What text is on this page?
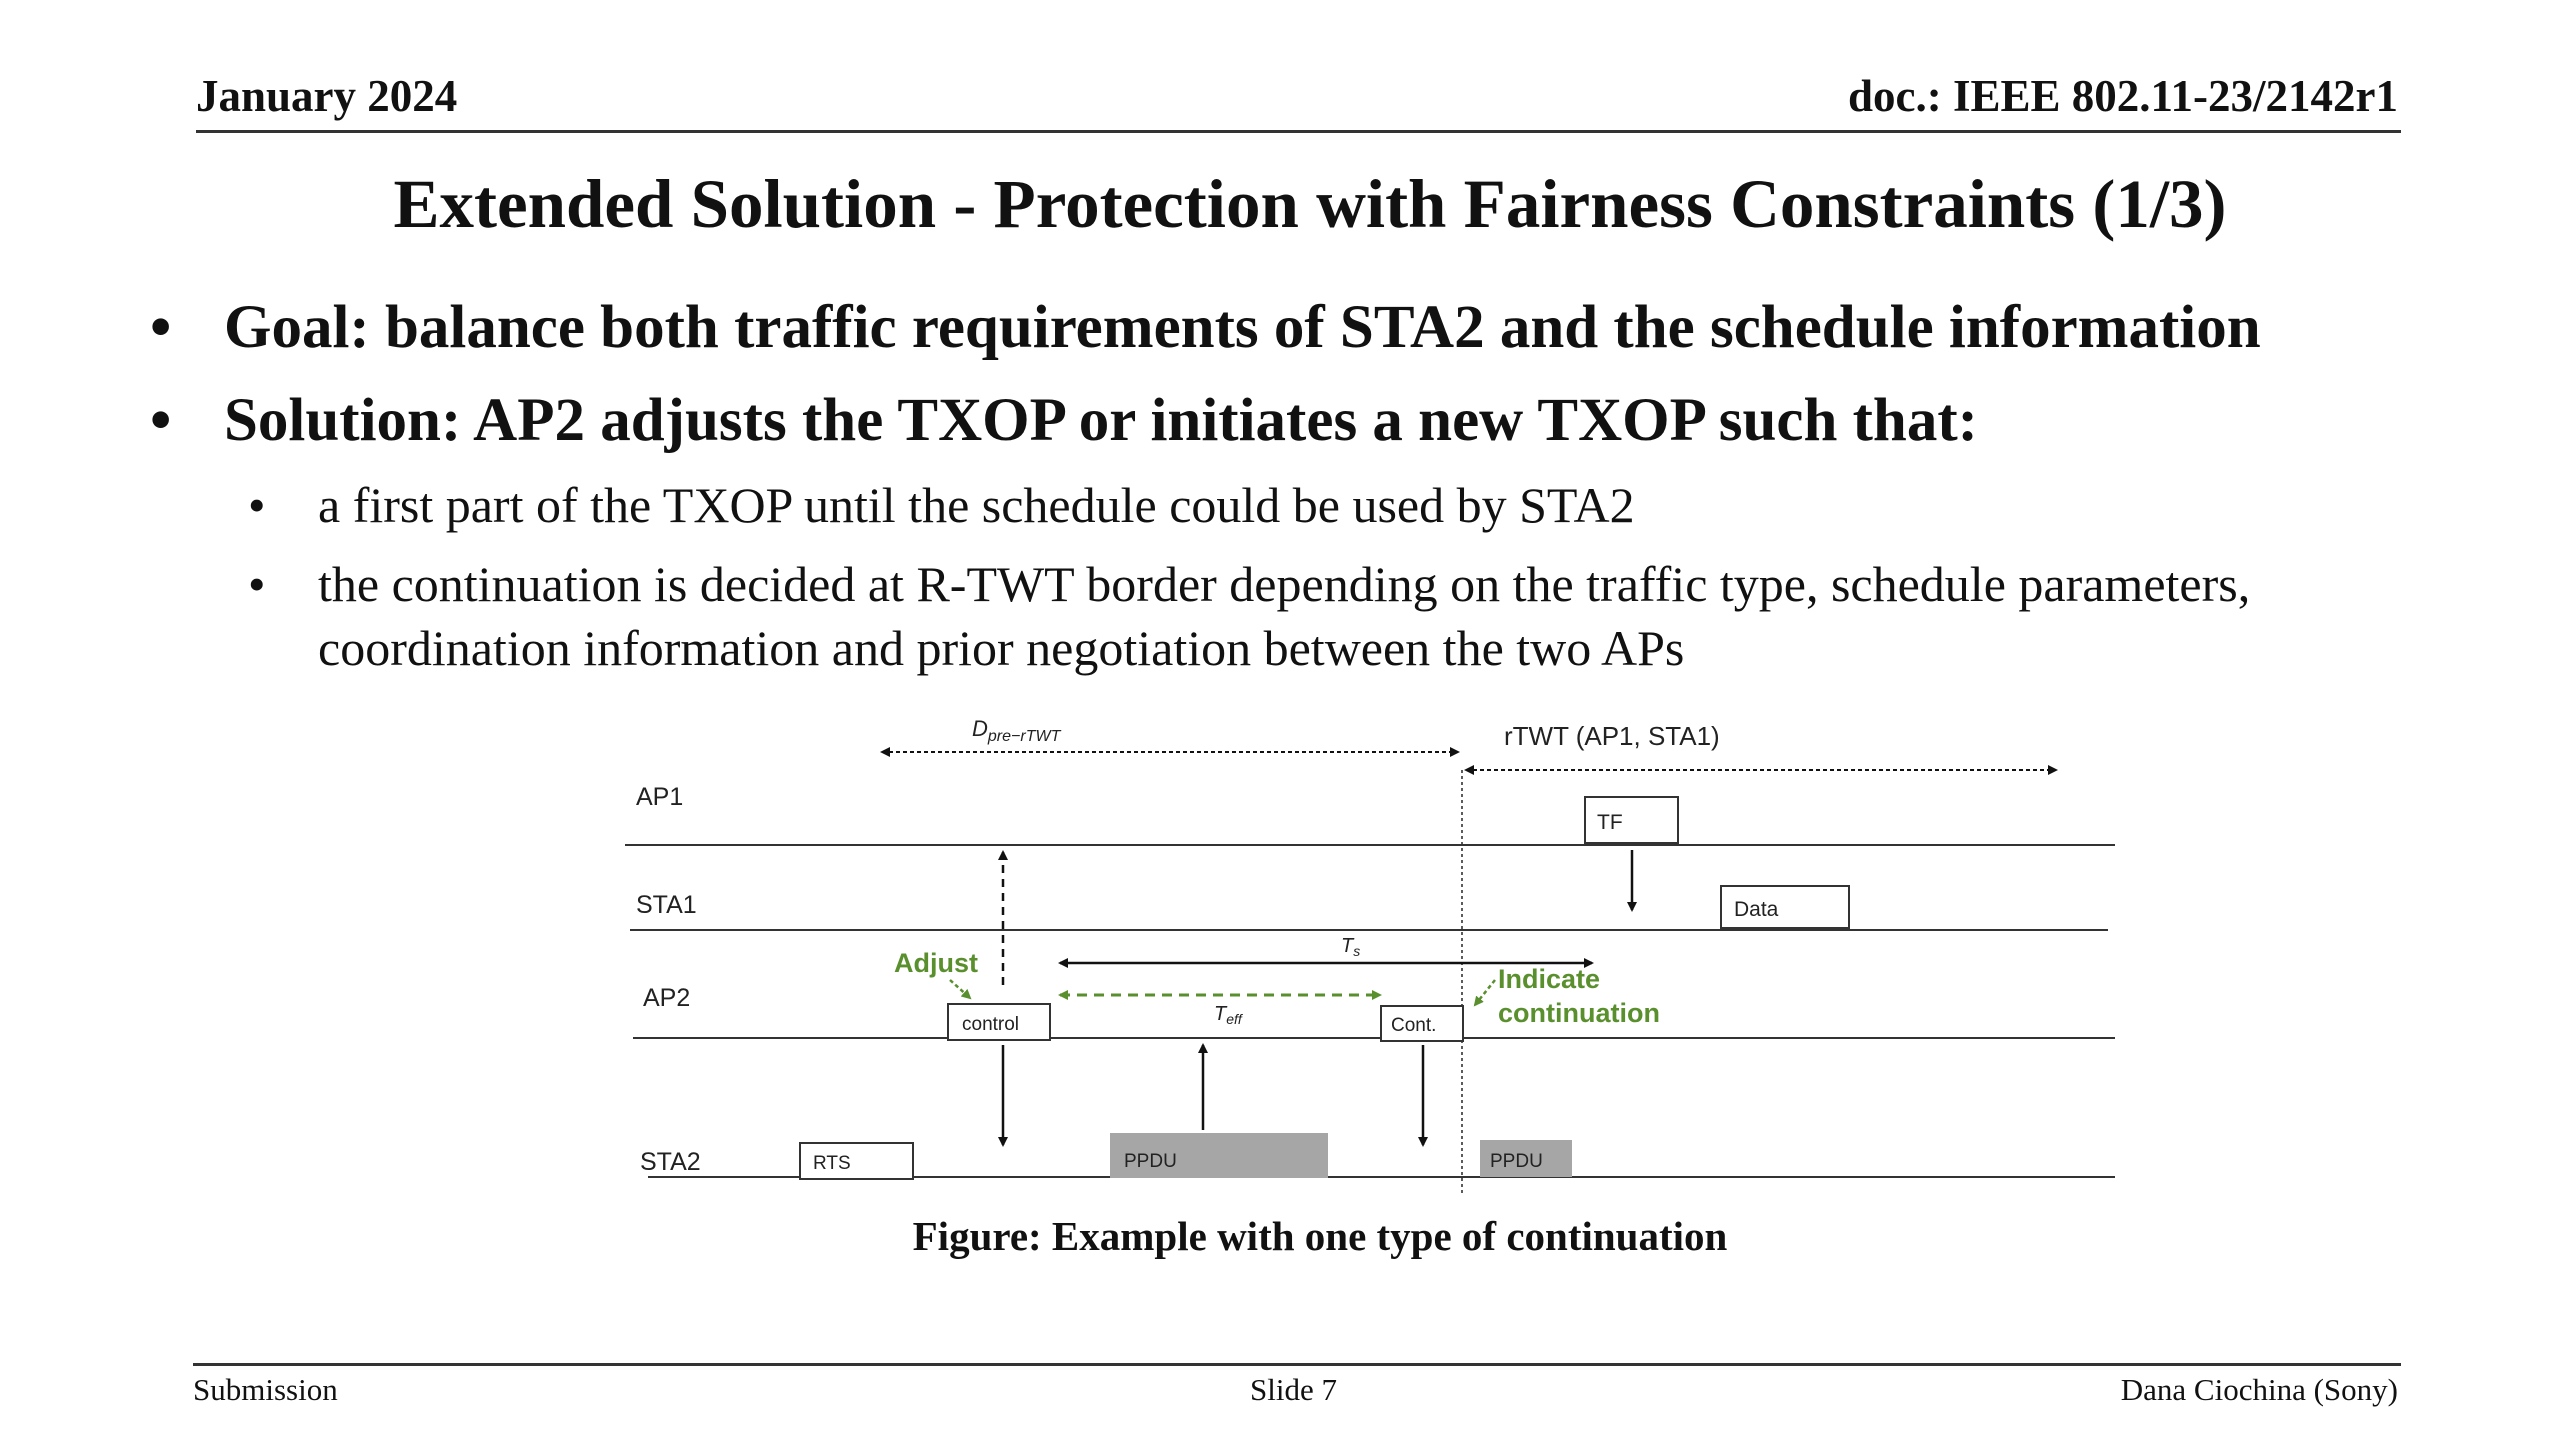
January 2024	doc.: IEEE 802.11-23/2142r1
Extended Solution - Protection with Fairness Constraints (1/3)
• Goal: balance both traffic requirements of STA2 and the schedule information
• Solution: AP2 adjusts the TXOP or initiates a new TXOP such that:
• a first part of the TXOP until the schedule could be used by STA2
• the continuation is decided at R-TWT border depending on the traffic type, schedule parameters,
coordination information and prior negotiation between the two APs
AP1
STA1
AP2
STA2
$D_{pre-rTWT}$	rTWT (AP1, STA1)
TF
Data
Adjust
$T_s$
$T_{eff}$
control	Cont.
Indicate
continuation
RTS	PPDU	PPDU
Figure: Example with one type of continuation
Submission	Slide 7	Dana Ciochina (Sony)
